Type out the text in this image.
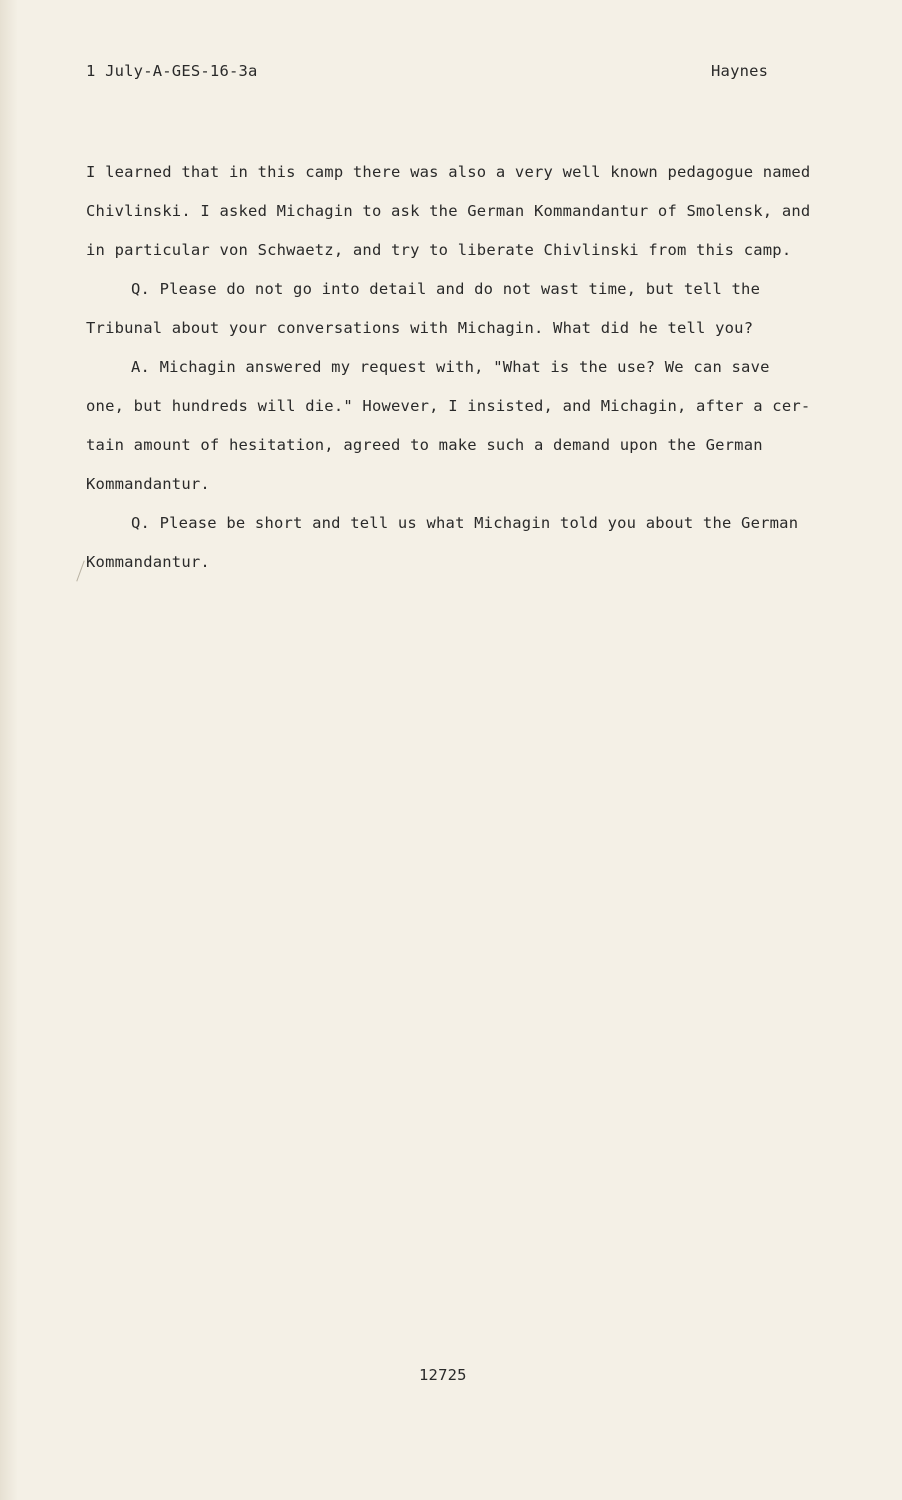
1 July-A-GES-16-3a	Haynes
I learned that in this camp there was also a very well known pedagogue named
Chivlinski. I asked Michagin to ask the German Kommandantur of Smolensk, and
in particular von Schwaetz, and try to liberate Chivlinski from this camp.
Q. Please do not go into detail and do not wast time, but tell the
Tribunal about your conversations with Michagin. What did he tell you?
A. Michagin answered my request with, "What is the use? We can save
one, but hundreds will die." However, I insisted, and Michagin, after a cer-
tain amount of hesitation, agreed to make such a demand upon the German
Kommandantur.
Q. Please be short and tell us what Michagin told you about the German
Kommandantur.
12725
